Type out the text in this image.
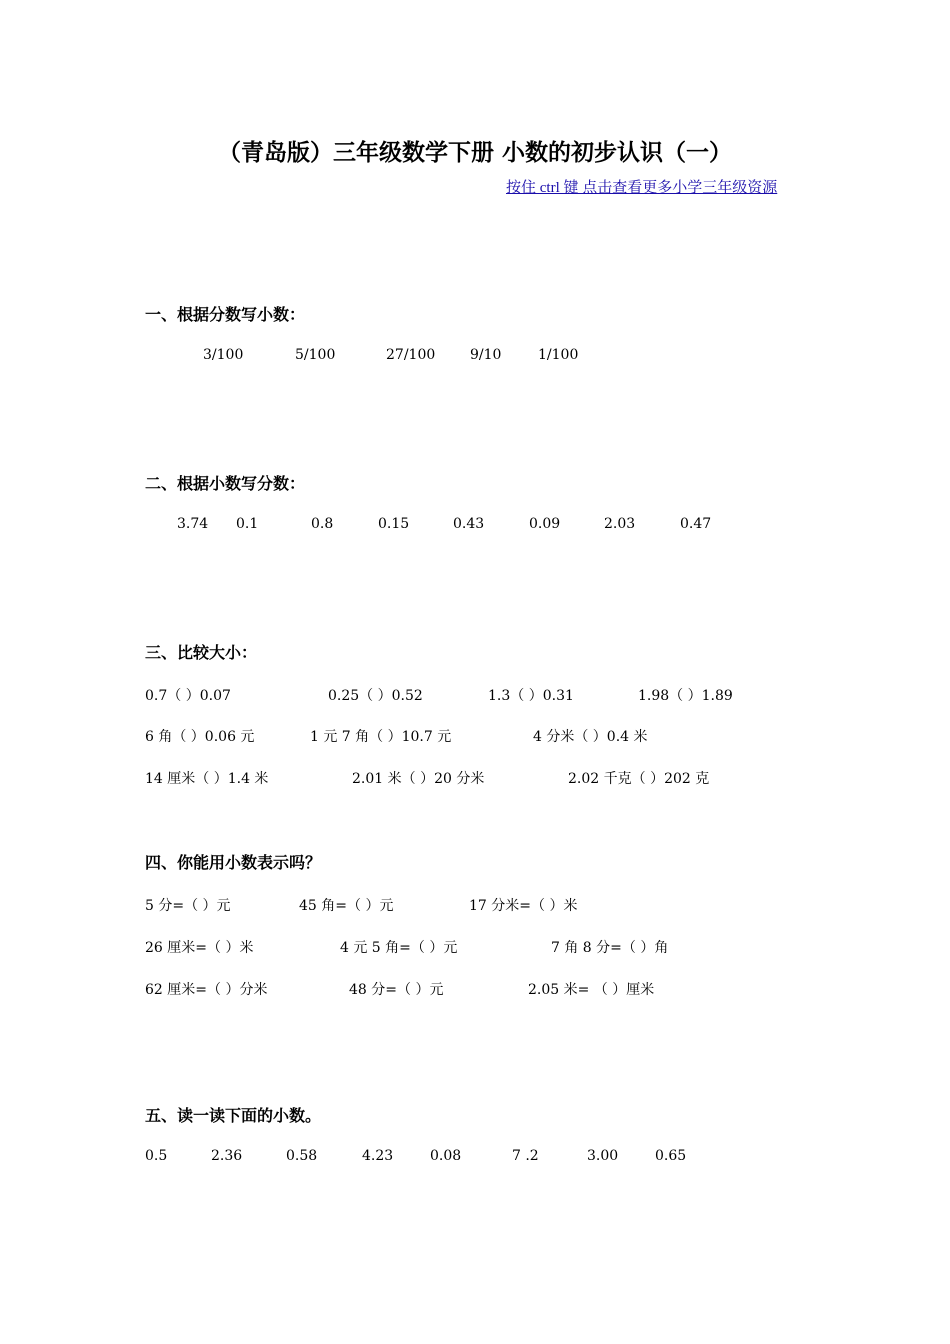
（青岛版）三年级数学下册 小数的初步认识（一）
按住 ctrl 键 点击查看更多小学三年级资源
一、根据分数写小数：
3/100	5/100	27/100 9/10	1/100
二、根据小数写分数：
3.74 0.1	0.8	0.15	0.43	0.09	2.03	0.47
三、比较大小：
0.7（ ）0.07	0.25（ ）0.52	1.3（ ）0.31	1.98（ ）1.89
6 角（ ）0.06 元	1 元 7 角（ ）10.7 元	4 分米（ ）0.4 米
14 厘米（ ）1.4 米	2.01 米（ ）20 分米	2.02 千克（ ）202 克
四、你能用小数表示吗？
5 分=（ ）元	45 角=（ ）元	17 分米=（ ）米
26 厘米=（ ）米	4 元 5 角=（ ）元	7 角 8 分=（ ）角
62 厘米=（ ）分米	48 分=（ ）元	2.05 米= （ ）厘米
五、读一读下面的小数。
0.5	2.36	0.58	4.23	0.08	7 .2	3.00	0.65
